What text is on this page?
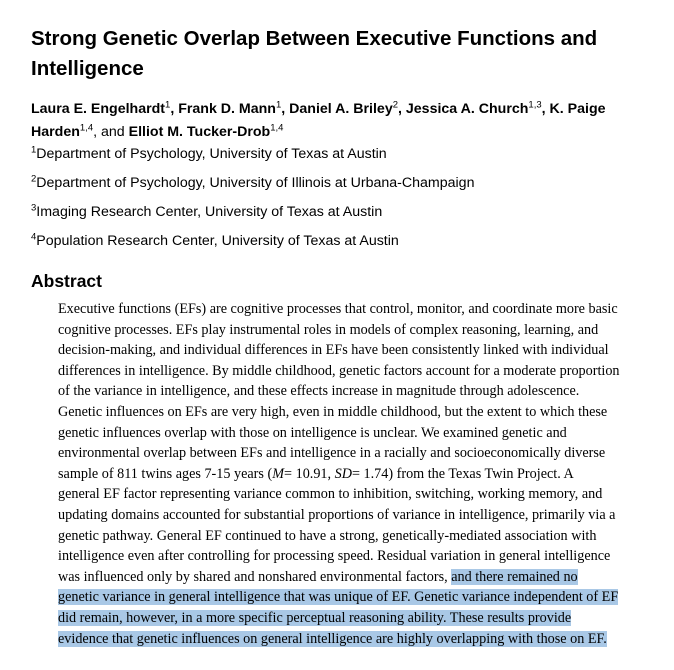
Strong Genetic Overlap Between Executive Functions and Intelligence
Laura E. Engelhardt$^1$, Frank D. Mann$^1$, Daniel A. Briley$^2$, Jessica A. Church$^{1,3}$, K. Paige Harden$^{1,4}$, and Elliot M. Tucker-Drob$^{1,4}$
$^1$Department of Psychology, University of Texas at Austin
$^2$Department of Psychology, University of Illinois at Urbana-Champaign
$^3$Imaging Research Center, University of Texas at Austin
$^4$Population Research Center, University of Texas at Austin
Abstract
Executive functions (EFs) are cognitive processes that control, monitor, and coordinate more basic
cognitive processes. EFs play instrumental roles in models of complex reasoning, learning, and
decision-making, and individual differences in EFs have been consistently linked with individual
differences in intelligence. By middle childhood, genetic factors account for a moderate proportion
of the variance in intelligence, and these effects increase in magnitude through adolescence.
Genetic influences on EFs are very high, even in middle childhood, but the extent to which these
genetic influences overlap with those on intelligence is unclear. We examined genetic and
environmental overlap between EFs and intelligence in a racially and socioeconomically diverse
sample of 811 twins ages 7-15 years (M= 10.91, SD= 1.74) from the Texas Twin Project. A
general EF factor representing variance common to inhibition, switching, working memory, and
updating domains accounted for substantial proportions of variance in intelligence, primarily via a
genetic pathway. General EF continued to have a strong, genetically-mediated association with
intelligence even after controlling for processing speed. Residual variation in general intelligence
was influenced only by shared and nonshared environmental factors, and there remained no
genetic variance in general intelligence that was unique of EF. Genetic variance independent of EF
did remain, however, in a more specific perceptual reasoning ability. These results provide
evidence that genetic influences on general intelligence are highly overlapping with those on EF.
